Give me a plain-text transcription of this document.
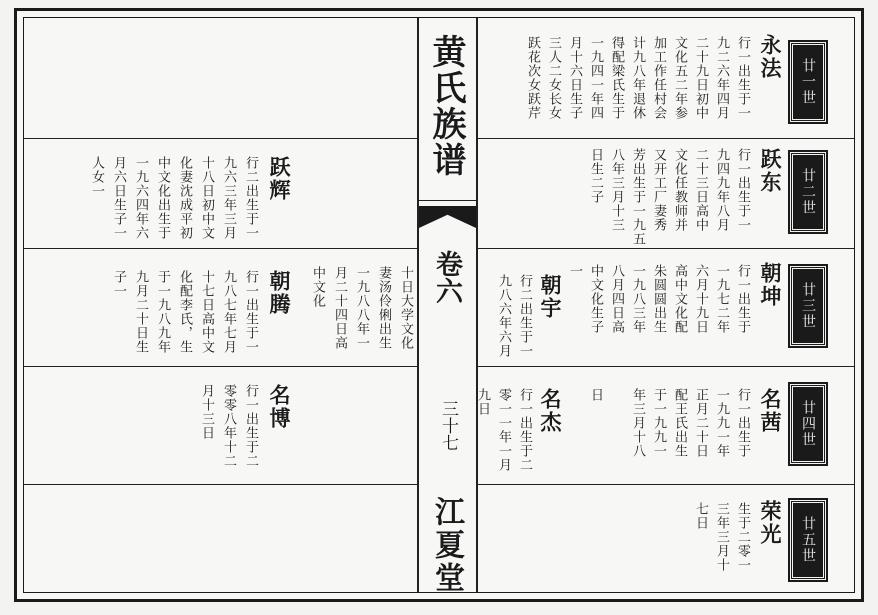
跃辉
行二出生于一
九六三年三月
十八日初中文
化妻沈成平初
中文化出生于
一九六四年六
月六日生子一
人女一
十日大学文化
妻汤伶俐出生
一九八八年一
月二十四日高
中文化
朝腾
行一出生于一
九八七年七月
十七日高中文
化配李氏，生
于一九八九年
九月二十日生
子一
名博
行一出生于二
零零八年十二
月十三日
黄氏族谱
卷六
三十七
江夏堂
廿一世
廿二世
廿三世
廿四世
廿五世
永法
行一出生于一
九二六年四月
二十九日初中
文化五二年参
加工作任村会
计九八年退休
得配梁氏生于
一九四一年四
月十六日生子
三人二女长女
跃花次女跃芹
跃东
行一出生于一
九四九年八月
二十三日高中
文化任教师并
又开工厂妻秀
芳出生于一九五
八年三月十三
日生二子
朝坤
行一出生于
一九七二年
六月十九日
高中文化配
朱圆圆出生
一九八三年
八月四日高
中文化生子
一
朝宇
行二出生于一
九八六年六月
名茜
行一出生于
一九九一年
正月二十日
配王氏出生
于一九九一
年三月十八
日
名杰
行一出生于二
零一一年一月
九日
荣光
生于二零一
三年三月十
七日
